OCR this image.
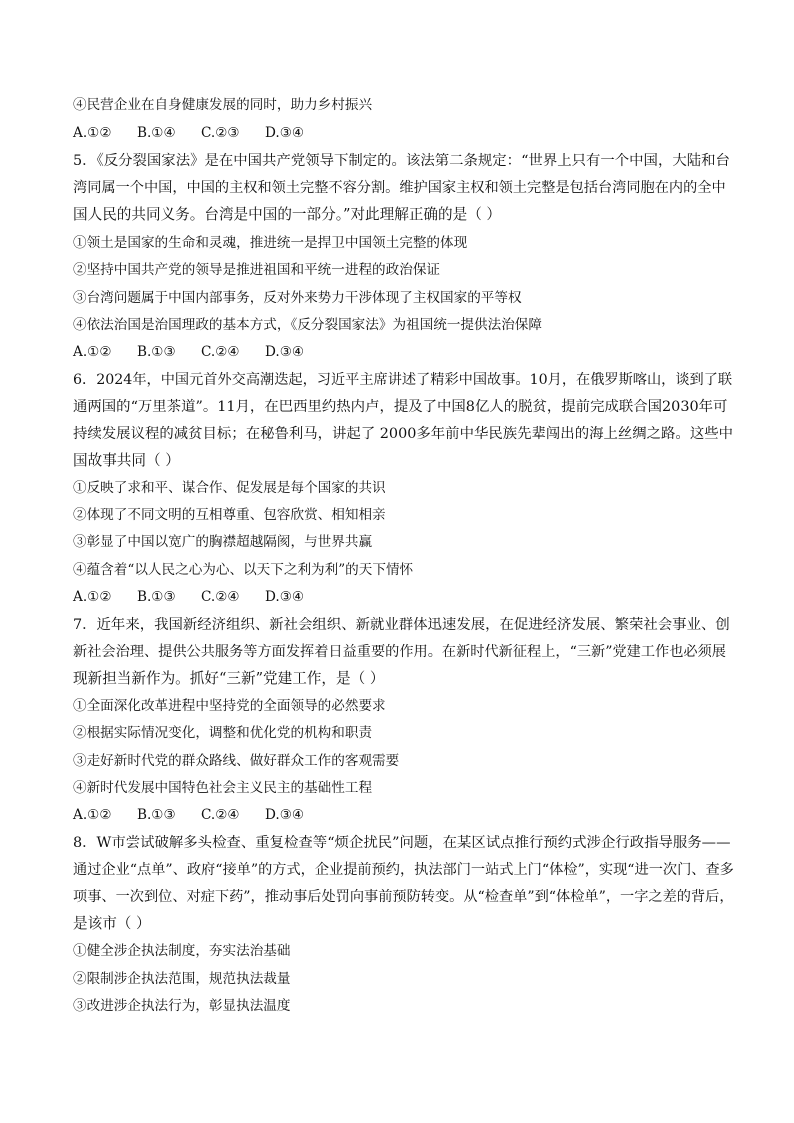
④民营企业在自身健康发展的同时，助力乡村振兴
A.①②	B.①④	C.②③	D.③④
5．《反分裂国家法》是在中国共产党领导下制定的。该法第二条规定：“世界上只有一个中国，大陆和台
湾同属一个中国，中国的主权和领土完整不容分割。维护国家主权和领土完整是包括台湾同胞在内的全中
国人民的共同义务。台湾是中国的一部分。”对此理解正确的是（ ）
①领土是国家的生命和灵魂，推进统一是捍卫中国领土完整的体现
②坚持中国共产党的领导是推进祖国和平统一进程的政治保证
③台湾问题属于中国内部事务，反对外来势力干涉体现了主权国家的平等权
④依法治国是治国理政的基本方式，《反分裂国家法》为祖国统一提供法治保障
A.①②	B.①③	C.②④	D.③④
6．2024年，中国元首外交高潮迭起，习近平主席讲述了精彩中国故事。10月，在俄罗斯喀山，谈到了联
通两国的“万里茶道”。11月，在巴西里约热内卢，提及了中国8亿人的脱贫，提前完成联合国2030年可
持续发展议程的减贫目标；在秘鲁利马，讲起了 2000多年前中华民族先辈闯出的海上丝绸之路。这些中
国故事共同（ ）
①反映了求和平、谋合作、促发展是每个国家的共识
②体现了不同文明的互相尊重、包容欣赏、相知相亲
③彰显了中国以宽广的胸襟超越隔阂，与世界共赢
④蕴含着“以人民之心为心、以天下之利为利”的天下情怀
A.①②	B.①③	C.②④	D.③④
7．近年来，我国新经济组织、新社会组织、新就业群体迅速发展，在促进经济发展、繁荣社会事业、创
新社会治理、提供公共服务等方面发挥着日益重要的作用。在新时代新征程上，“三新”党建工作也必须展
现新担当新作为。抓好“三新”党建工作，是（ ）
①全面深化改革进程中坚持党的全面领导的必然要求
②根据实际情况变化，调整和优化党的机构和职责
③走好新时代党的群众路线、做好群众工作的客观需要
④新时代发展中国特色社会主义民主的基础性工程
A.①②	B.①③	C.②④	D.③④
8．W市尝试破解多头检查、重复检查等“烦企扰民”问题，在某区试点推行预约式涉企行政指导服务——
通过企业“点单”、政府“接单”的方式，企业提前预约，执法部门一站式上门“体检”，实现“进一次门、查多
项事、一次到位、对症下药”，推动事后处罚向事前预防转变。从“检查单”到“体检单”，一字之差的背后，
是该市（ ）
①健全涉企执法制度，夯实法治基础
②限制涉企执法范围，规范执法裁量
③改进涉企执法行为，彰显执法温度
